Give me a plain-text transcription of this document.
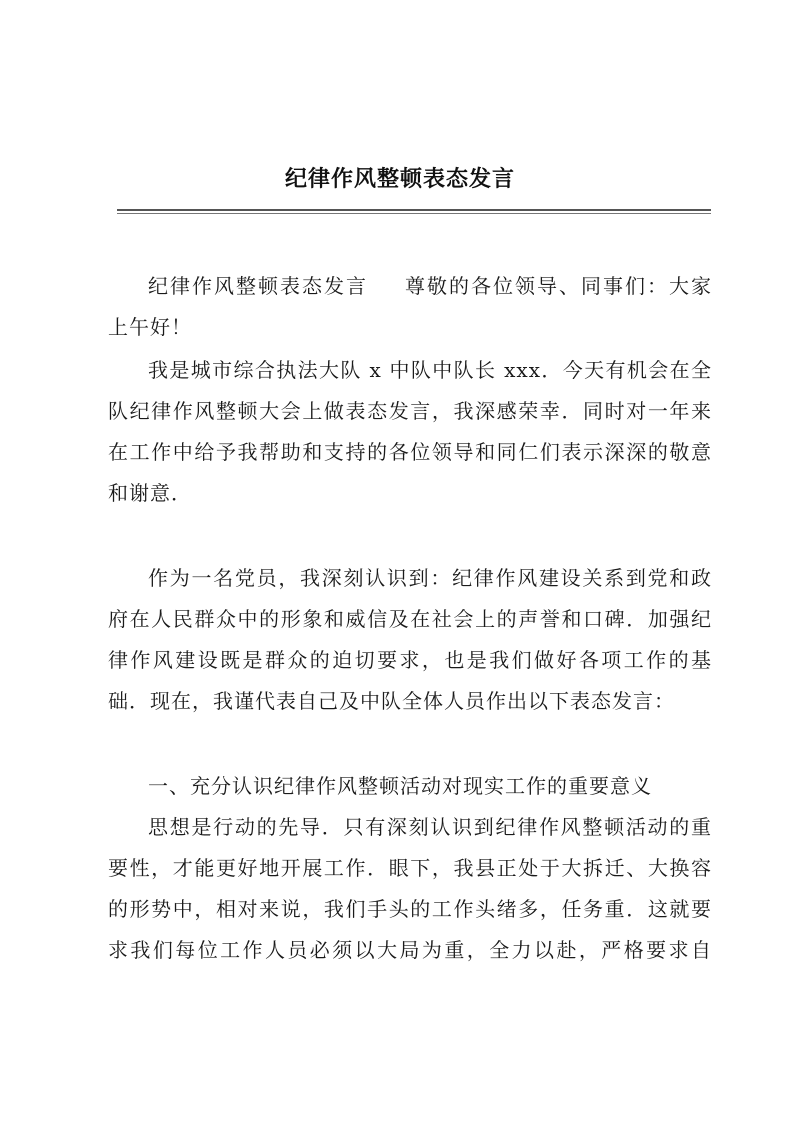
纪律作风整顿表态发言
纪律作风整顿表态发言 尊敬的各位领导、同事们：大家
上午好！
我是城市综合执法大队 x 中队中队长 xxx．今天有机会在全
队纪律作风整顿大会上做表态发言，我深感荣幸．同时对一年来
在工作中给予我帮助和支持的各位领导和同仁们表示深深的敬意
和谢意．
作为一名党员，我深刻认识到：纪律作风建设关系到党和政
府在人民群众中的形象和威信及在社会上的声誉和口碑．加强纪
律作风建设既是群众的迫切要求，也是我们做好各项工作的基
础．现在，我谨代表自己及中队全体人员作出以下表态发言：
一、充分认识纪律作风整顿活动对现实工作的重要意义
思想是行动的先导．只有深刻认识到纪律作风整顿活动的重
要性，才能更好地开展工作．眼下，我县正处于大拆迁、大换容
的形势中，相对来说，我们手头的工作头绪多，任务重．这就要
求我们每位工作人员必须以大局为重，全力以赴，严格要求自
